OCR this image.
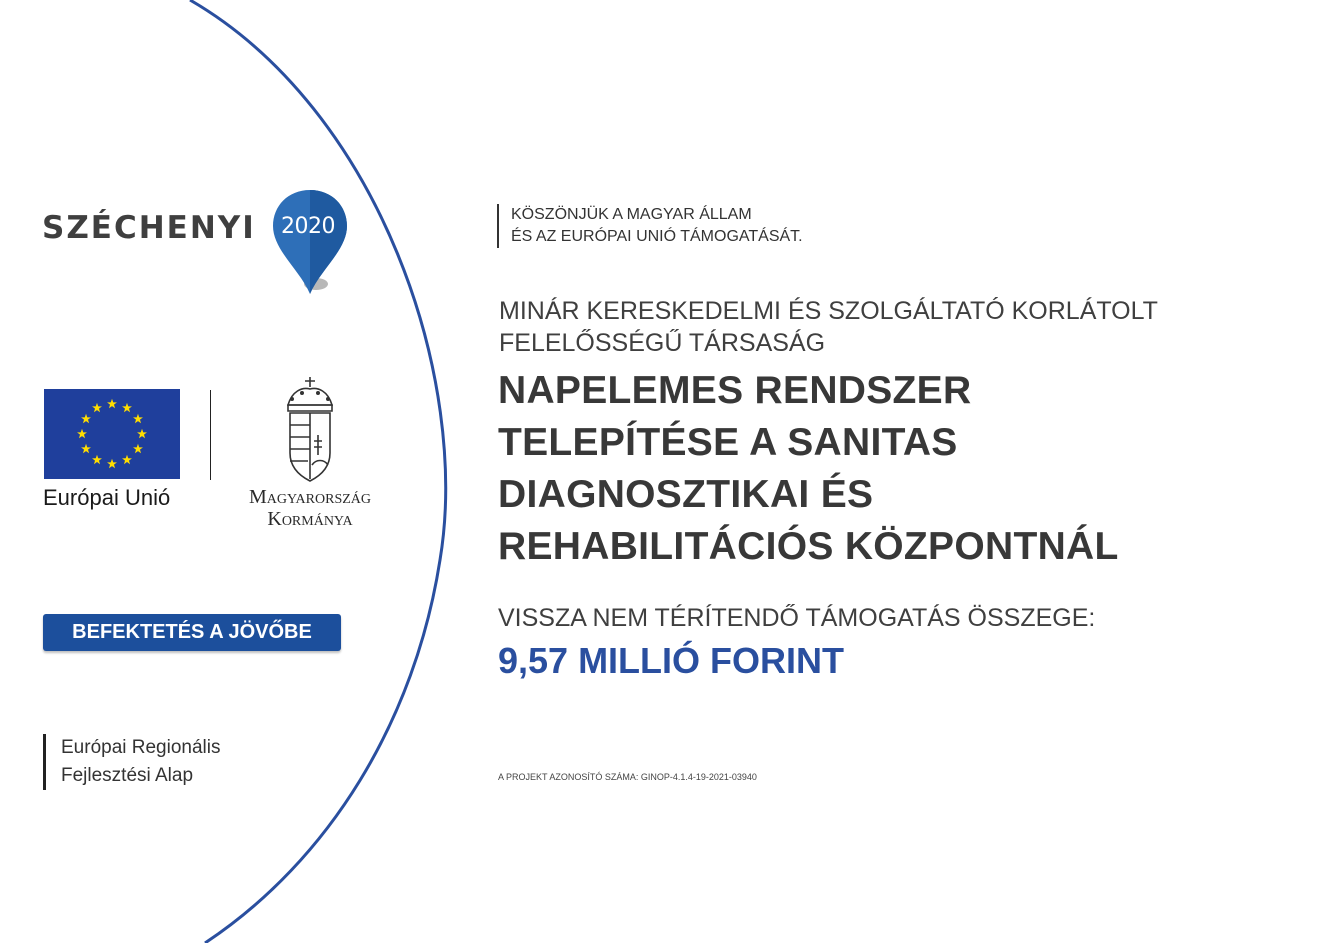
SZÉCHENYI	2020
Európai Unió	Magyarország
Kormánya
BEFEKTETÉS A JÖVŐBE
Európai Regionális
Fejlesztési Alap
KÖSZÖNJÜK A MAGYAR ÁLLAM
ÉS AZ EURÓPAI UNIÓ TÁMOGATÁSÁT.
MINÁR KERESKEDELMI ÉS SZOLGÁLTATÓ KORLÁTOLT
FELELŐSSÉGŰ TÁRSASÁG
NAPELEMES RENDSZER
TELEPÍTÉSE A SANITAS
DIAGNOSZTIKAI ÉS
REHABILITÁCIÓS KÖZPONTNÁL
VISSZA NEM TÉRÍTENDŐ TÁMOGATÁS ÖSSZEGE:
9,57 MILLIÓ FORINT
A PROJEKT AZONOSÍTÓ SZÁMA: GINOP-4.1.4-19-2021-03940
